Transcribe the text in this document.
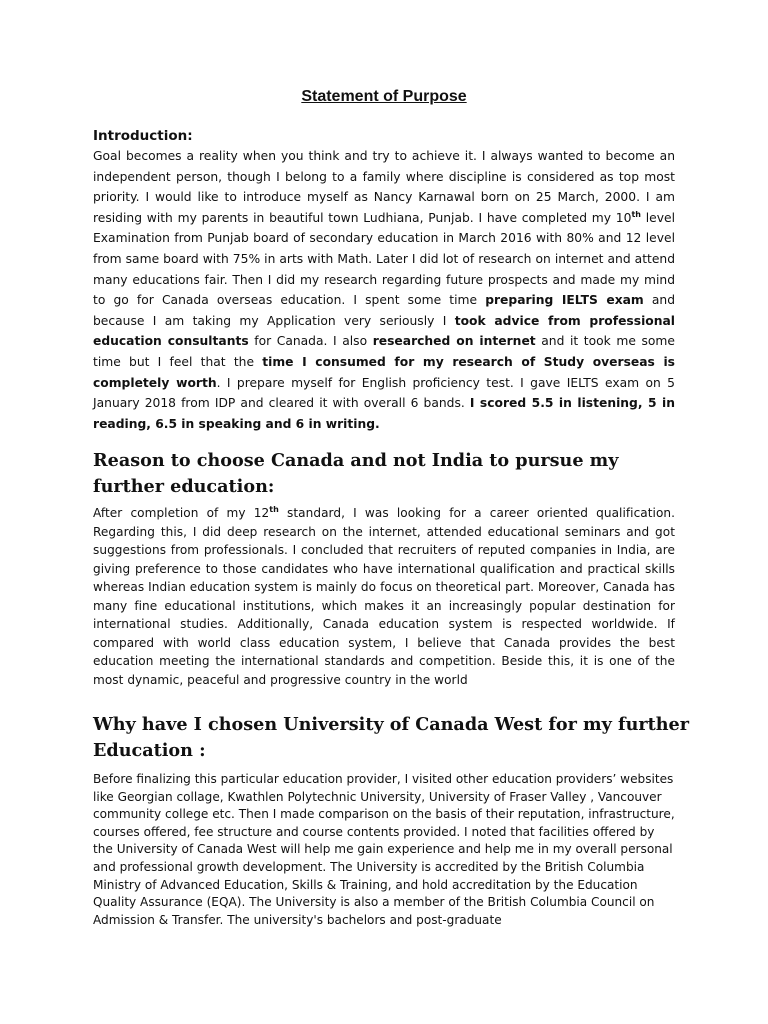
Statement of Purpose
Introduction:

Goal becomes a reality when you think and try to achieve it. I always wanted to become an independent person, though I belong to a family where discipline is considered as top most priority. I would like to introduce myself as Nancy Karnawal born on 25 March, 2000. I am residing with my parents in beautiful town Ludhiana, Punjab. I have completed my 10th level Examination from Punjab board of secondary education in March 2016 with 80% and 12 level from same board with 75% in arts with Math. Later I did lot of research on internet and attend many educations fair. Then I did my research regarding future prospects and made my mind to go for Canada overseas education. I spent some time preparing IELTS exam and because I am taking my Application very seriously I took advice from professional education consultants for Canada. I also researched on internet and it took me some time but I feel that the time I consumed for my research of Study overseas is completely worth. I prepare myself for English proficiency test. I gave IELTS exam on 5 January 2018 from IDP and cleared it with overall 6 bands. I scored 5.5 in listening, 5 in reading, 6.5 in speaking and 6 in writing.

Reason to choose Canada and not India to pursue my further education:

After completion of my 12th standard, I was looking for a career oriented qualification. Regarding this, I did deep research on the internet, attended educational seminars and got suggestions from professionals. I concluded that recruiters of reputed companies in India, are giving preference to those candidates who have international qualification and practical skills whereas Indian education system is mainly do focus on theoretical part. Moreover, Canada has many fine educational institutions, which makes it an increasingly popular destination for international studies. Additionally, Canada education system is respected worldwide. If compared with world class education system, I believe that Canada provides the best education meeting the international standards and competition. Beside this, it is one of the most dynamic, peaceful and progressive country in the world

Why have I chosen University of Canada West for my further Education :

Before finalizing this particular education provider, I visited other education providers’ websites like Georgian collage, Kwathlen Polytechnic University, University of Fraser Valley , Vancouver community college etc. Then I made comparison on the basis of their reputation, infrastructure, courses offered, fee structure and course contents provided. I noted that facilities offered by the University of Canada West will help me gain experience and help me in my overall personal and professional growth development. The University is accredited by the British Columbia Ministry of Advanced Education, Skills & Training, and hold accreditation by the Education Quality Assurance (EQA). The University is also a member of the British Columbia Council on Admission & Transfer. The university's bachelors and post-graduate
